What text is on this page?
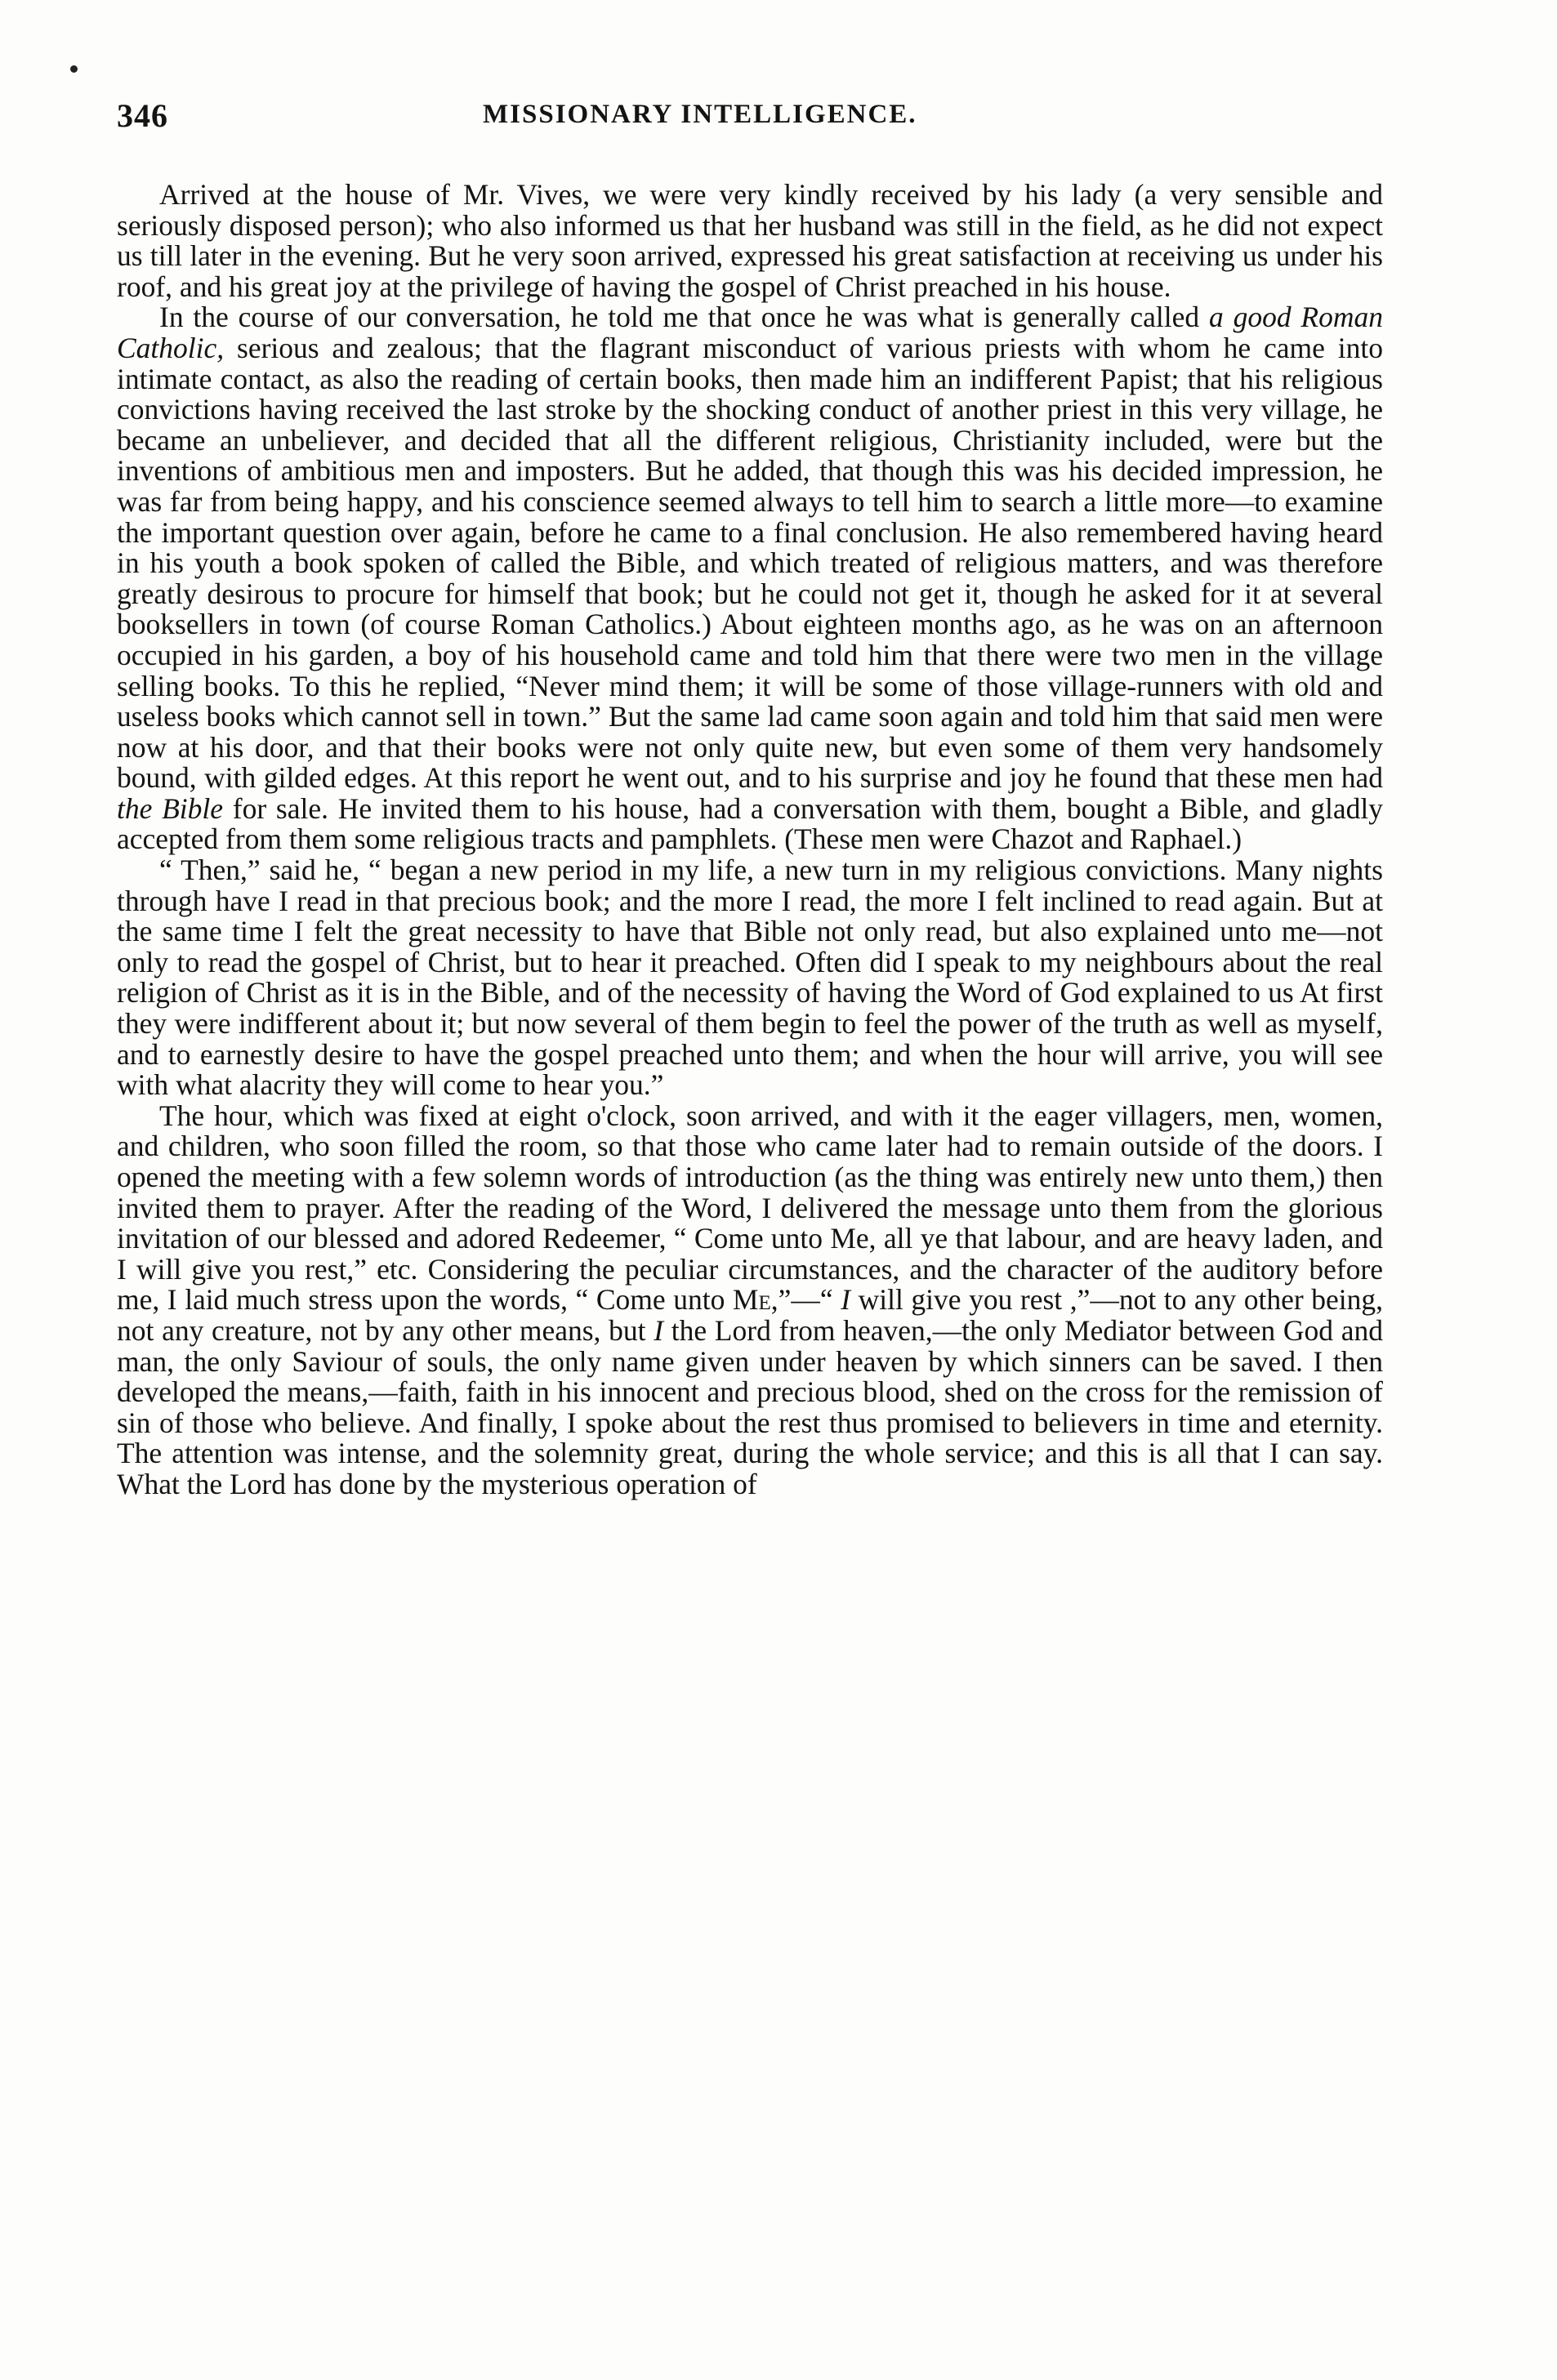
346	MISSIONARY INTELLIGENCE.

Arrived at the house of Mr. Vives, we were very kindly received by his lady (a very sensible and seriously disposed person); who also informed us that her husband was still in the field, as he did not expect us till later in the evening. But he very soon arrived, expressed his great satisfaction at receiving us under his roof, and his great joy at the privilege of having the gospel of Christ preached in his house.

In the course of our conversation, he told me that once he was what is generally called a good Roman Catholic, serious and zealous; that the flagrant misconduct of various priests with whom he came into intimate contact, as also the reading of certain books, then made him an indifferent Papist; that his religious convictions having received the last stroke by the shocking conduct of another priest in this very village, he became an unbeliever, and decided that all the different religious, Christianity included, were but the inventions of ambitious men and imposters. But he added, that though this was his decided impression, he was far from being happy, and his conscience seemed always to tell him to search a little more—to examine the important question over again, before he came to a final conclusion. He also remembered having heard in his youth a book spoken of called the Bible, and which treated of religious matters, and was therefore greatly desirous to procure for himself that book; but he could not get it, though he asked for it at several booksellers in town (of course Roman Catholics.) About eighteen months ago, as he was on an afternoon occupied in his garden, a boy of his household came and told him that there were two men in the village selling books. To this he replied, “Never mind them; it will be some of those village-runners with old and useless books which cannot sell in town.” But the same lad came soon again and told him that said men were now at his door, and that their books were not only quite new, but even some of them very handsomely bound, with gilded edges. At this report he went out, and to his surprise and joy he found that these men had the Bible for sale. He invited them to his house, had a conversation with them, bought a Bible, and gladly accepted from them some religious tracts and pamphlets. (These men were Chazot and Raphael.)

“ Then,” said he, “ began a new period in my life, a new turn in my religious convictions. Many nights through have I read in that precious book; and the more I read, the more I felt inclined to read again. But at the same time I felt the great necessity to have that Bible not only read, but also explained unto me—not only to read the gospel of Christ, but to hear it preached. Often did I speak to my neighbours about the real religion of Christ as it is in the Bible, and of the necessity of having the Word of God explained to us At first they were indifferent about it; but now several of them begin to feel the power of the truth as well as myself, and to earnestly desire to have the gospel preached unto them; and when the hour will arrive, you will see with what alacrity they will come to hear you.”

The hour, which was fixed at eight o'clock, soon arrived, and with it the eager villagers, men, women, and children, who soon filled the room, so that those who came later had to remain outside of the doors. I opened the meeting with a few solemn words of introduction (as the thing was entirely new unto them,) then invited them to prayer. After the reading of the Word, I delivered the message unto them from the glorious invitation of our blessed and adored Redeemer, “ Come unto Me, all ye that labour, and are heavy laden, and I will give you rest,” etc. Considering the peculiar circumstances, and the character of the auditory before me, I laid much stress upon the words, “ Come unto Me,”—“ I will give you rest ,”—not to any other being, not any creature, not by any other means, but I the Lord from heaven,—the only Mediator between God and man, the only Saviour of souls, the only name given under heaven by which sinners can be saved. I then developed the means,—faith, faith in his innocent and precious blood, shed on the cross for the remission of sin of those who believe. And finally, I spoke about the rest thus promised to believers in time and eternity. The attention was intense, and the solemnity great, during the whole service; and this is all that I can say. What the Lord has done by the mysterious operation of
